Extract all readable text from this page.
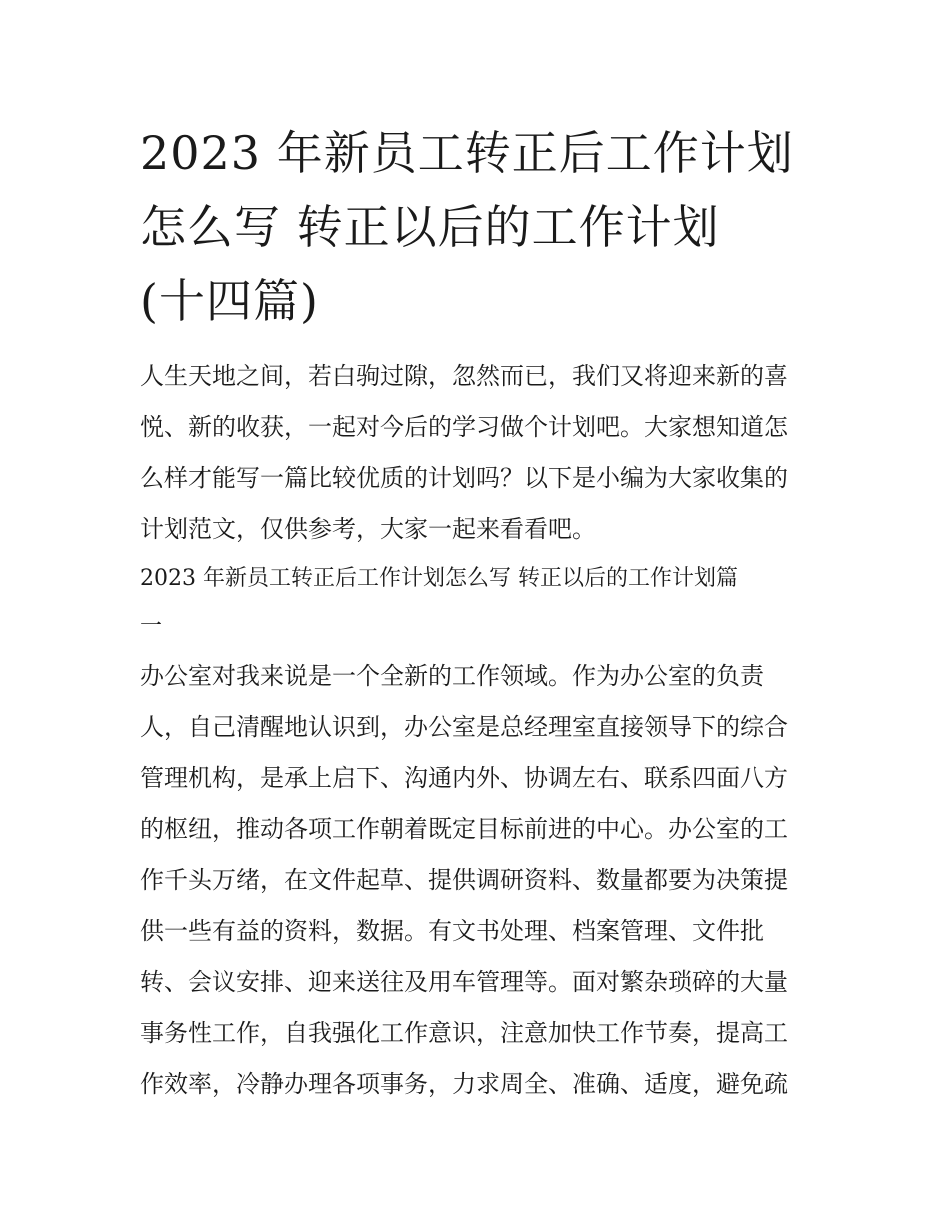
2023 年新员工转正后工作计划
怎么写 转正以后的工作计划
(十四篇)

人生天地之间，若白驹过隙，忽然而已，我们又将迎来新的喜

悦、新的收获，一起对今后的学习做个计划吧。大家想知道怎

么样才能写一篇比较优质的计划吗？以下是小编为大家收集的

计划范文，仅供参考，大家一起来看看吧。

2023 年新员工转正后工作计划怎么写 转正以后的工作计划篇

一

办公室对我来说是一个全新的工作领域。作为办公室的负责

人，自己清醒地认识到，办公室是总经理室直接领导下的综合

管理机构，是承上启下、沟通内外、协调左右、联系四面八方

的枢纽，推动各项工作朝着既定目标前进的中心。办公室的工

作千头万绪，在文件起草、提供调研资料、数量都要为决策提

供一些有益的资料，数据。有文书处理、档案管理、文件批

转、会议安排、迎来送往及用车管理等。面对繁杂琐碎的大量

事务性工作，自我强化工作意识，注意加快工作节奏，提高工

作效率，冷静办理各项事务，力求周全、准确、适度，避免疏
